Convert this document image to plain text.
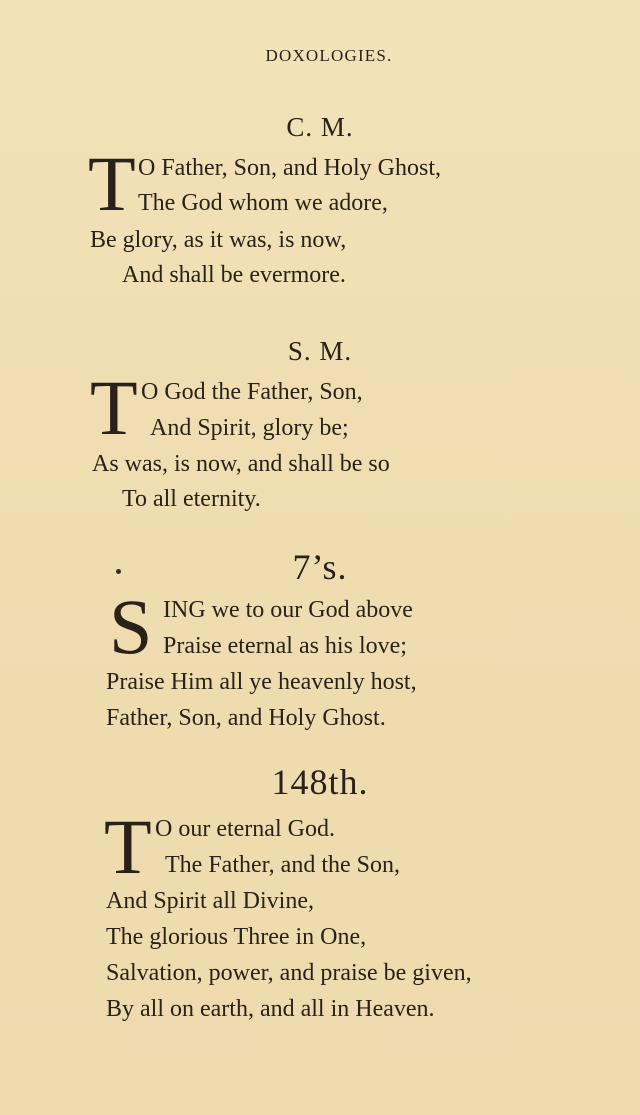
DOXOLOGIES.
C. M.
T O Father, Son, and Holy Ghost,
The God whom we adore,
Be glory, as it was, is now,
And shall be evermore.
S. M.
T O God the Father, Son,
And Spirit, glory be;
As was, is now, and shall be so
To all eternity.
7’s.
S ING we to our God above
Praise eternal as his love;
Praise Him all ye heavenly host,
Father, Son, and Holy Ghost.
148th.
T O our eternal God.
The Father, and the Son,
And Spirit all Divine,
The glorious Three in One,
Salvation, power, and praise be given,
By all on earth, and all in Heaven.
